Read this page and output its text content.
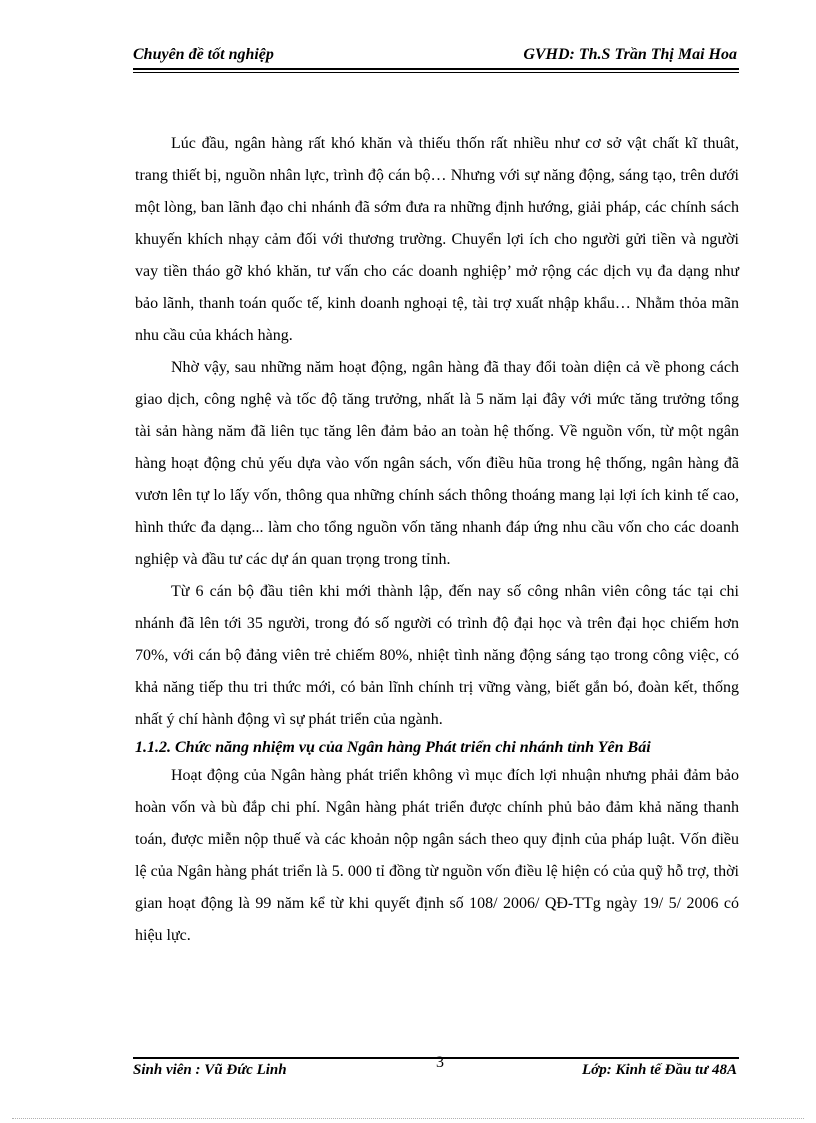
Chuyên đề tốt nghiệp	GVHD: Th.S Trần Thị Mai Hoa

Lúc đầu, ngân hàng rất khó khăn và thiếu thốn rất nhiều như cơ sở vật chất kĩ thuât, trang thiết bị, nguồn nhân lực, trình độ cán bộ… Nhưng với sự năng động, sáng tạo, trên dưới một lòng, ban lãnh đạo chi nhánh đã sớm đưa ra những định hướng, giải pháp, các chính sách khuyến khích nhạy cảm đối với thương trường. Chuyển lợi ích cho người gửi tiền và người vay tiền tháo gỡ khó khăn, tư vấn cho các doanh nghiệp’ mở rộng các dịch vụ đa dạng như bảo lãnh, thanh toán quốc tế, kinh doanh nghoại tệ, tài trợ xuất nhập khẩu… Nhằm thỏa mãn nhu cầu của khách hàng.

Nhờ vậy, sau những năm hoạt động, ngân hàng đã thay đổi toàn diện cả về phong cách giao dịch, công nghệ và tốc độ tăng trưởng, nhất là 5 năm lại đây với mức tăng trưởng tổng tài sản hàng năm đã liên tục tăng lên đảm bảo an toàn hệ thống. Về nguồn vốn, từ một ngân hàng hoạt động chủ yếu dựa vào vốn ngân sách, vốn điều hũa trong hệ thống, ngân hàng đã vươn lên tự lo lấy vốn, thông qua những chính sách thông thoáng mang lại lợi ích kinh tế cao, hình thức đa dạng... làm cho tổng nguồn vốn tăng nhanh đáp ứng nhu cầu vốn cho các doanh nghiệp và đầu tư các dự án quan trọng trong tỉnh.

Từ 6 cán bộ đầu tiên khi mới thành lập, đến nay số công nhân viên công tác tại chi nhánh đã lên tới 35 người, trong đó số người có trình độ đại học và trên đại học chiếm hơn 70%, với cán bộ đảng viên trẻ chiếm 80%, nhiệt tình năng động sáng tạo trong công việc, có khả năng tiếp thu tri thức mới, có bản lĩnh chính trị vững vàng, biết gắn bó, đoàn kết, thống nhất ý chí hành động vì sự phát triển của ngành.

1.1.2. Chức năng nhiệm vụ của Ngân hàng Phát triển chi nhánh tỉnh Yên Bái

Hoạt động của Ngân hàng phát triển không vì mục đích lợi nhuận nhưng phải đảm bảo hoàn vốn và bù đắp chi phí. Ngân hàng phát triển được chính phủ bảo đảm khả năng thanh toán, được miễn nộp thuế và các khoản nộp ngân sách theo quy định của pháp luật. Vốn điều lệ của Ngân hàng phát triển là 5. 000 tỉ đồng từ nguồn vốn điều lệ hiện có của quỹ hỗ trợ, thời gian hoạt động là 99 năm kể từ khi quyết định số 108/ 2006/ QĐ-TTg ngày 19/ 5/ 2006 có hiệu lực.

Sinh viên : Vũ Đức Linh	3	Lớp: Kinh tế Đầu tư 48A
